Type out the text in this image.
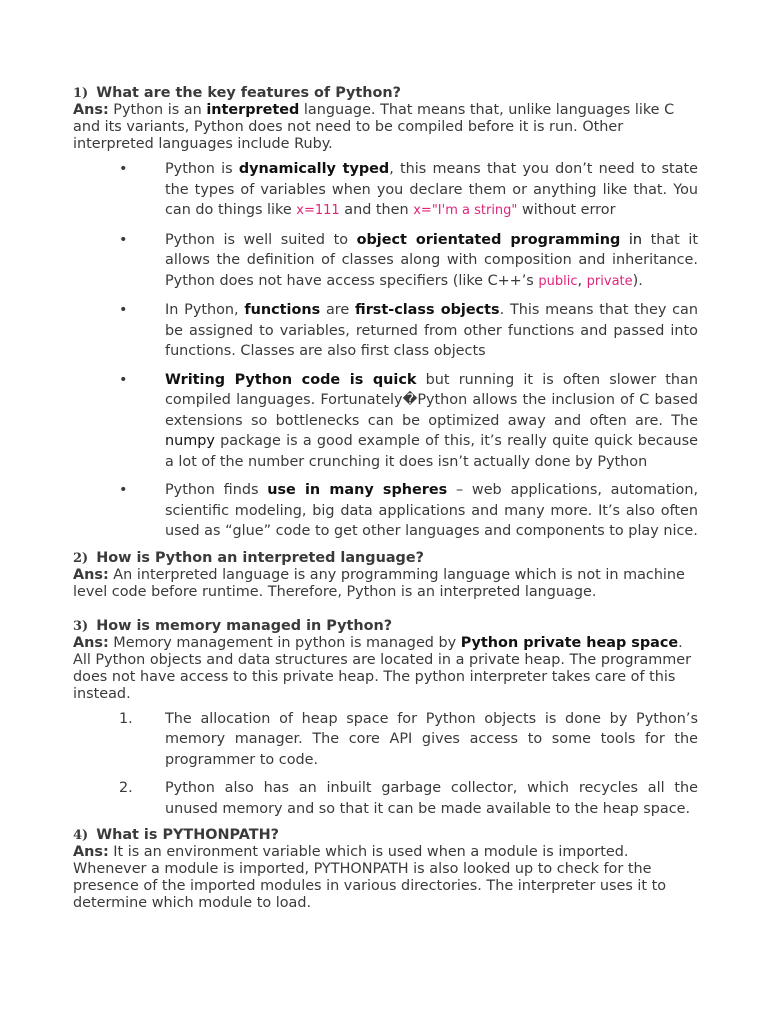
1) What are the key features of Python?

Ans: Python is an interpreted language. That means that, unlike languages like C and its variants, Python does not need to be compiled before it is run. Other interpreted languages include Ruby.

•	Python is dynamically typed, this means that you don’t need to state the types of variables when you declare them or anything like that. You can do things like x=111 and then x="I'm a string" without error
•	Python is well suited to object orientated programming in that it allows the definition of classes along with composition and inheritance. Python does not have access specifiers (like C++’s public, private).
•	In Python, functions are first-class objects. This means that they can be assigned to variables, returned from other functions and passed into functions. Classes are also first class objects
•	Writing Python code is quick but running it is often slower than compiled languages. Fortunately�Python allows the inclusion of C based extensions so bottlenecks can be optimized away and often are. The numpy package is a good example of this, it’s really quite quick because a lot of the number crunching it does isn’t actually done by Python
•	Python finds use in many spheres – web applications, automation, scientific modeling, big data applications and many more. It’s also often used as “glue” code to get other languages and components to play nice.

2) How is Python an interpreted language?

Ans: An interpreted language is any programming language which is not in machine level code before runtime. Therefore, Python is an interpreted language.

3) How is memory managed in Python?

Ans: Memory management in python is managed by Python private heap space. All Python objects and data structures are located in a private heap. The programmer does not have access to this private heap. The python interpreter takes care of this instead.

1.	The allocation of heap space for Python objects is done by Python’s memory manager. The core API gives access to some tools for the programmer to code.
2.	Python also has an inbuilt garbage collector, which recycles all the unused memory and so that it can be made available to the heap space.

4) What is PYTHONPATH?

Ans: It is an environment variable which is used when a module is imported. Whenever a module is imported, PYTHONPATH is also looked up to check for the presence of the imported modules in various directories. The interpreter uses it to determine which module to load.
